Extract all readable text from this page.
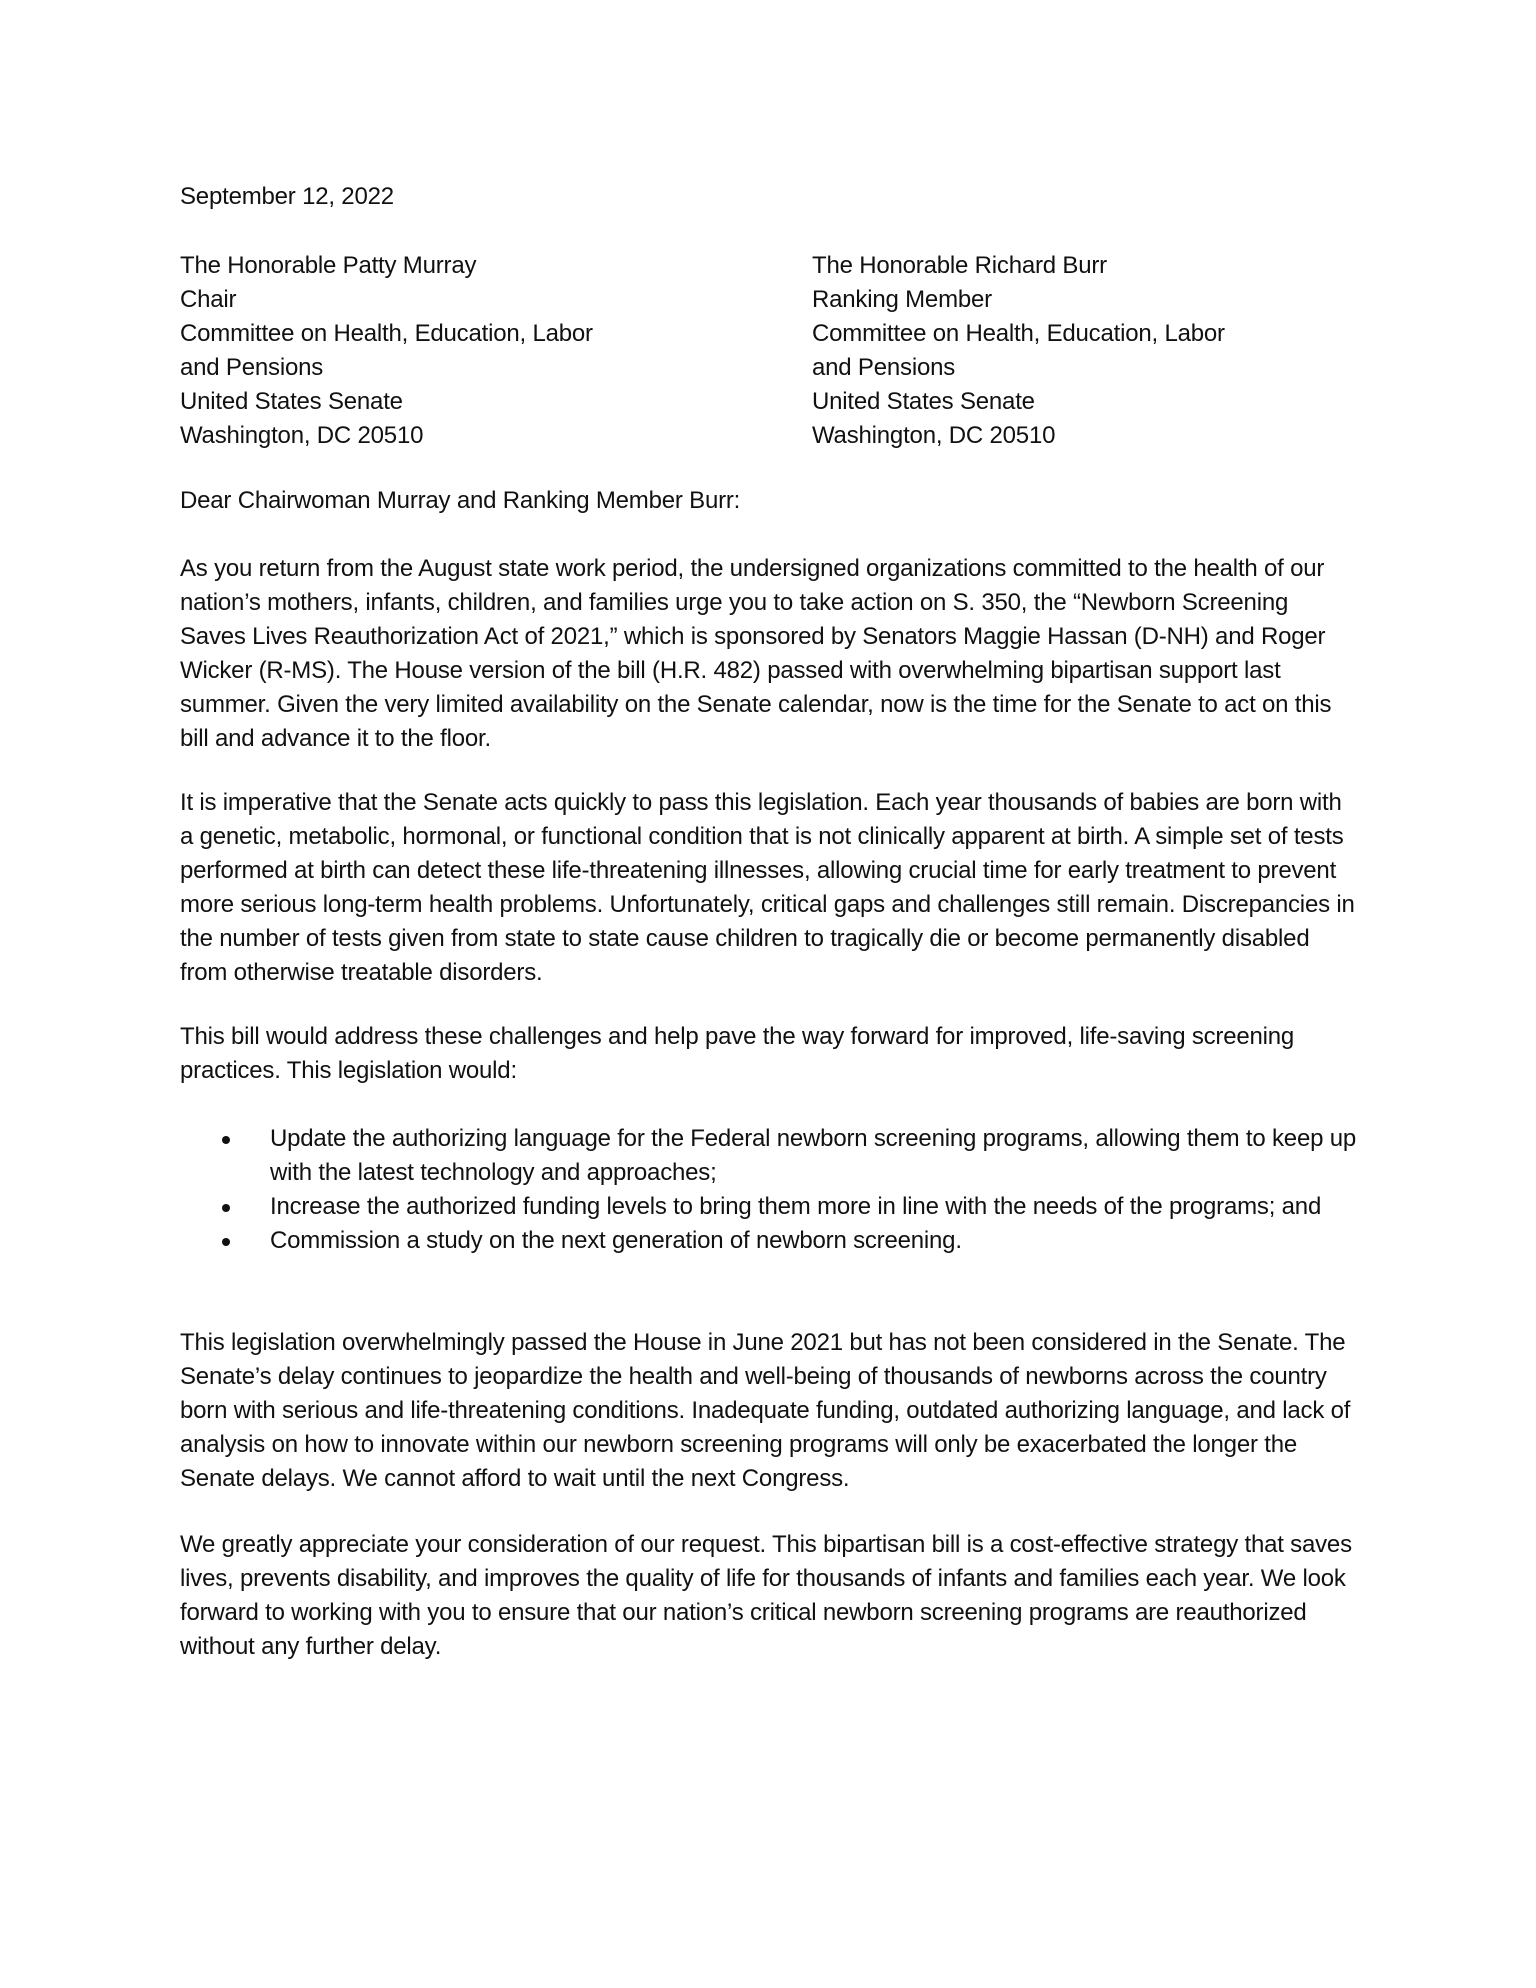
September 12, 2022
The Honorable Patty Murray
Chair
Committee on Health, Education, Labor
and Pensions
United States Senate
Washington, DC 20510
The Honorable Richard Burr
Ranking Member
Committee on Health, Education, Labor
and Pensions
United States Senate
Washington, DC 20510

Dear Chairwoman Murray and Ranking Member Burr:

As you return from the August state work period, the undersigned organizations committed to the health of our nation’s mothers, infants, children, and families urge you to take action on S. 350, the “Newborn Screening Saves Lives Reauthorization Act of 2021,” which is sponsored by Senators Maggie Hassan (D-NH) and Roger Wicker (R-MS). The House version of the bill (H.R. 482) passed with overwhelming bipartisan support last summer. Given the very limited availability on the Senate calendar, now is the time for the Senate to act on this bill and advance it to the floor.

It is imperative that the Senate acts quickly to pass this legislation. Each year thousands of babies are born with a genetic, metabolic, hormonal, or functional condition that is not clinically apparent at birth. A simple set of tests performed at birth can detect these life-threatening illnesses, allowing crucial time for early treatment to prevent more serious long-term health problems. Unfortunately, critical gaps and challenges still remain. Discrepancies in the number of tests given from state to state cause children to tragically die or become permanently disabled from otherwise treatable disorders.

This bill would address these challenges and help pave the way forward for improved, life-saving screening practices. This legislation would:

Update the authorizing language for the Federal newborn screening programs, allowing them to keep up with the latest technology and approaches;
Increase the authorized funding levels to bring them more in line with the needs of the programs; and
Commission a study on the next generation of newborn screening.

This legislation overwhelmingly passed the House in June 2021 but has not been considered in the Senate. The Senate’s delay continues to jeopardize the health and well-being of thousands of newborns across the country born with serious and life-threatening conditions. Inadequate funding, outdated authorizing language, and lack of analysis on how to innovate within our newborn screening programs will only be exacerbated the longer the Senate delays. We cannot afford to wait until the next Congress.

We greatly appreciate your consideration of our request. This bipartisan bill is a cost-effective strategy that saves lives, prevents disability, and improves the quality of life for thousands of infants and families each year. We look forward to working with you to ensure that our nation’s critical newborn screening programs are reauthorized without any further delay.
